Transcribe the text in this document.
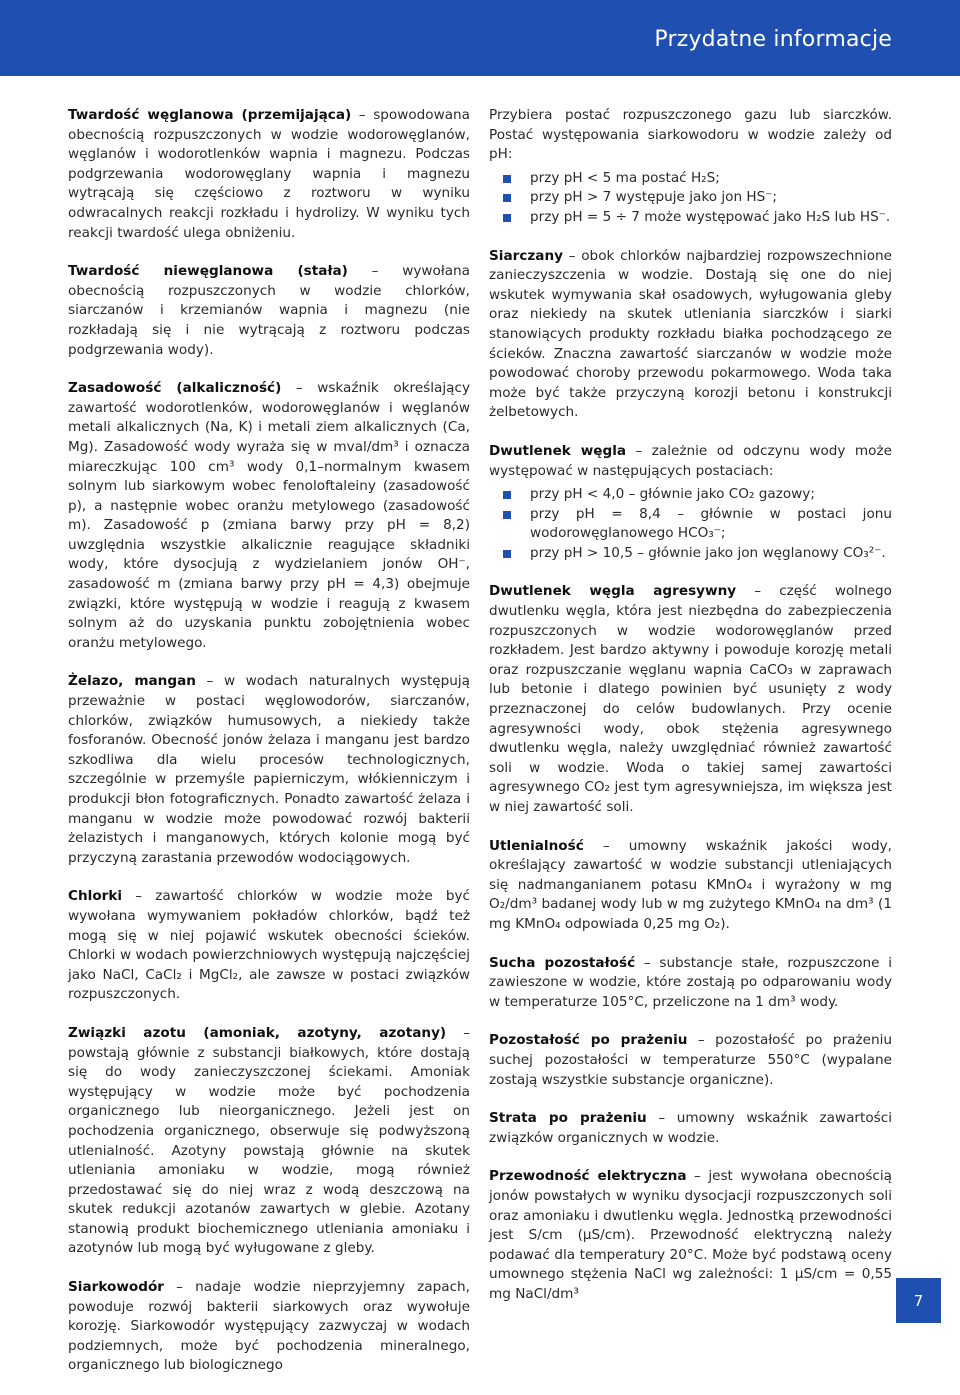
Przydatne informacje

Twardość węglanowa (przemijająca) – spowodowana obecnością rozpuszczonych w wodzie wodorowęglanów, węglanów i wodorotlenków wapnia i magnezu. Podczas podgrzewania wodorowęglany wapnia i magnezu wytrącają się częściowo z roztworu w wyniku odwracalnych reakcji rozkładu i hydrolizy. W wyniku tych reakcji twardość ulega obniżeniu.

Twardość niewęglanowa (stała) – wywołana obecnością rozpuszczonych w wodzie chlorków, siarczanów i krzemianów wapnia i magnezu (nie rozkładają się i nie wytrącają z roztworu podczas podgrzewania wody).

Zasadowość (alkaliczność) – wskaźnik określający zawartość wodorotlenków, wodorowęglanów i węglanów metali alkalicznych (Na, K) i metali ziem alkalicznych (Ca, Mg). Zasadowość wody wyraża się w mval/dm³ i oznacza miareczkując 100 cm³ wody 0,1–normalnym kwasem solnym lub siarkowym wobec fenoloftaleiny (zasadowość p), a następnie wobec oranżu metylowego (zasadowość m). Zasadowość p (zmiana barwy przy pH = 8,2) uwzględnia wszystkie alkalicznie reagujące składniki wody, które dysocjują z wydzielaniem jonów OH⁻, zasadowość m (zmiana barwy przy pH = 4,3) obejmuje związki, które występują w wodzie i reagują z kwasem solnym aż do uzyskania punktu zobojętnienia wobec oranżu metylowego.

Żelazo, mangan – w wodach naturalnych występują przeważnie w postaci węglowodorów, siarczanów, chlorków, związków humusowych, a niekiedy także fosforanów. Obecność jonów żelaza i manganu jest bardzo szkodliwa dla wielu procesów technologicznych, szczególnie w przemyśle papierniczym, włókienniczym i produkcji błon fotograficznych. Ponadto zawartość żelaza i manganu w wodzie może powodować rozwój bakterii żelazistych i manganowych, których kolonie mogą być przyczyną zarastania przewodów wodociągowych.

Chlorki – zawartość chlorków w wodzie może być wywołana wymywaniem pokładów chlorków, bądź też mogą się w niej pojawić wskutek obecności ścieków. Chlorki w wodach powierzchniowych występują najczęściej jako NaCl, CaCl₂ i MgCl₂, ale zawsze w postaci związków rozpuszczonych.

Związki azotu (amoniak, azotyny, azotany) – powstają głównie z substancji białkowych, które dostają się do wody zanieczyszczonej ściekami. Amoniak występujący w wodzie może być pochodzenia organicznego lub nieorganicznego. Jeżeli jest on pochodzenia organicznego, obserwuje się podwyższoną utlenialność. Azotyny powstają głównie na skutek utleniania amoniaku w wodzie, mogą również przedostawać się do niej wraz z wodą deszczową na skutek redukcji azotanów zawartych w glebie. Azotany stanowią produkt biochemicznego utleniania amoniaku i azotynów lub mogą być wyługowane z gleby.

Siarkowodór – nadaje wodzie nieprzyjemny zapach, powoduje rozwój bakterii siarkowych oraz wywołuje korozję. Siarkowodór występujący zazwyczaj w wodach podziemnych, może być pochodzenia mineralnego, organicznego lub biologicznego

Przybiera postać rozpuszczonego gazu lub siarczków. Postać występowania siarkowodoru w wodzie zależy od pH:

przy pH < 5 ma postać H₂S;
przy pH > 7 występuje jako jon HS⁻;
przy pH = 5 ÷ 7 może występować jako H₂S lub HS⁻.

Siarczany – obok chlorków najbardziej rozpowszechnione zanieczyszczenia w wodzie. Dostają się one do niej wskutek wymywania skał osadowych, wyługowania gleby oraz niekiedy na skutek utleniania siarczków i siarki stanowiących produkty rozkładu białka pochodzącego ze ścieków. Znaczna zawartość siarczanów w wodzie może powodować choroby przewodu pokarmowego. Woda taka może być także przyczyną korozji betonu i konstrukcji żelbetowych.

Dwutlenek węgla – zależnie od odczynu wody może występować w następujących postaciach:

przy pH < 4,0 – głównie jako CO₂ gazowy;
przy pH = 8,4 – głównie w postaci jonu wodorowęglanowego HCO₃⁻;
przy pH > 10,5 – głównie jako jon węglanowy CO₃²⁻.

Dwutlenek węgla agresywny – część wolnego dwutlenku węgla, która jest niezbędna do zabezpieczenia rozpuszczonych w wodzie wodorowęglanów przed rozkładem. Jest bardzo aktywny i powoduje korozję metali oraz rozpuszczanie węglanu wapnia CaCO₃ w zaprawach lub betonie i dlatego powinien być usunięty z wody przeznaczonej do celów budowlanych. Przy ocenie agresywności wody, obok stężenia agresywnego dwutlenku węgla, należy uwzględniać również zawartość soli w wodzie. Woda o takiej samej zawartości agresywnego CO₂ jest tym agresywniejsza, im większa jest w niej zawartość soli.

Utlenialność – umowny wskaźnik jakości wody, określający zawartość w wodzie substancji utleniających się nadmanganianem potasu KMnO₄ i wyrażony w mg O₂/dm³ badanej wody lub w mg zużytego KMnO₄ na dm³ (1 mg KMnO₄ odpowiada 0,25 mg O₂).

Sucha pozostałość – substancje stałe, rozpuszczone i zawieszone w wodzie, które zostają po odparowaniu wody w temperaturze 105°C, przeliczone na 1 dm³ wody.

Pozostałość po prażeniu – pozostałość po prażeniu suchej pozostałości w temperaturze 550°C (wypalane zostają wszystkie substancje organiczne).

Strata po prażeniu – umowny wskaźnik zawartości związków organicznych w wodzie.

Przewodność elektryczna – jest wywołana obecnością jonów powstałych w wyniku dysocjacji rozpuszczonych soli oraz amoniaku i dwutlenku węgla. Jednostką przewodności jest S/cm (μS/cm). Przewodność elektryczną należy podawać dla temperatury 20°C. Może być podstawą oceny umownego stężenia NaCl wg zależności: 1 μS/cm = 0,55 mg NaCl/dm³	7
